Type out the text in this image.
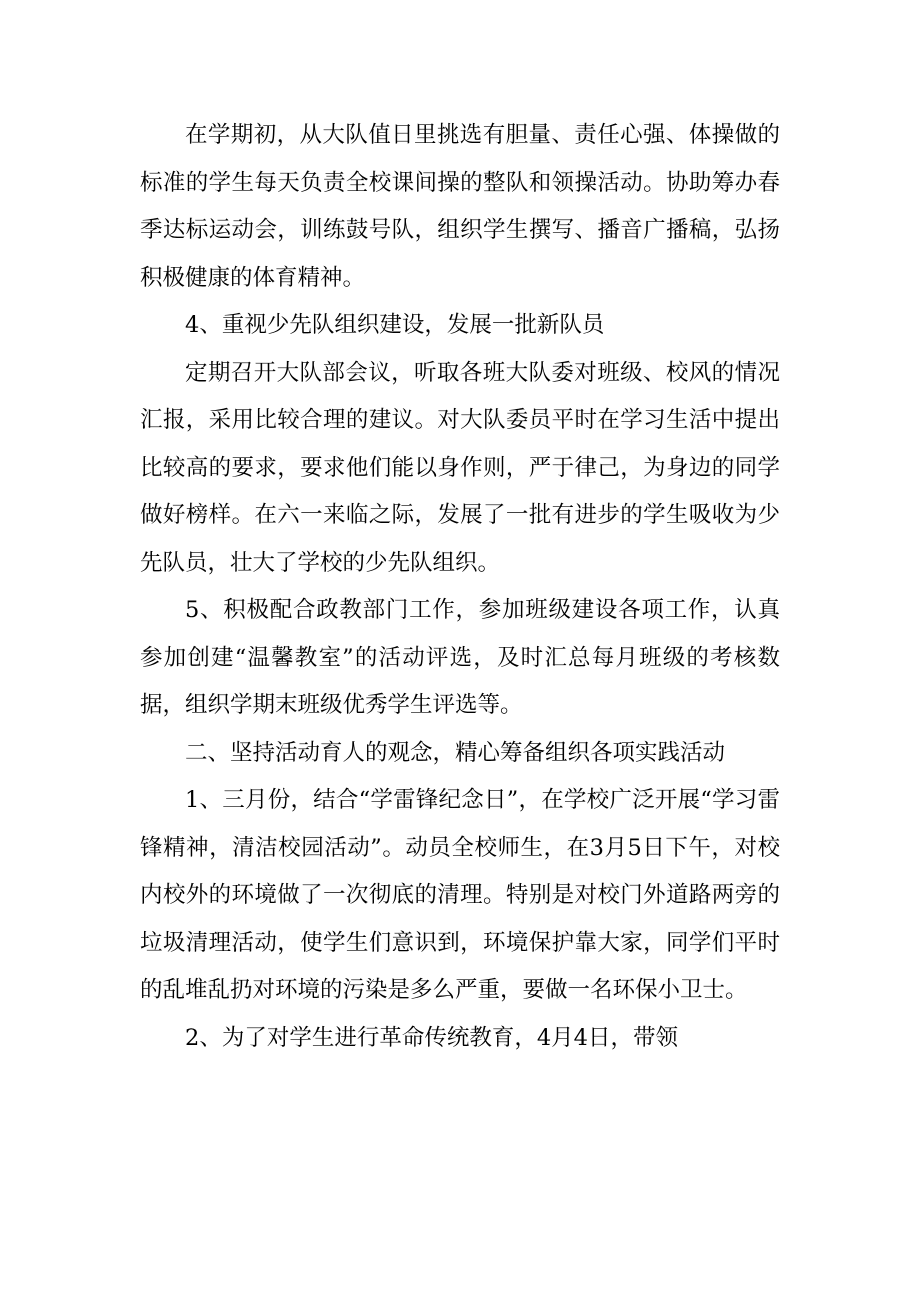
在学期初，从大队值日里挑选有胆量、责任心强、体操做的标准的学生每天负责全校课间操的整队和领操活动。协助筹办春季达标运动会，训练鼓号队，组织学生撰写、播音广播稿，弘扬积极健康的体育精神。

4、重视少先队组织建设，发展一批新队员

定期召开大队部会议，听取各班大队委对班级、校风的情况汇报，采用比较合理的建议。对大队委员平时在学习生活中提出比较高的要求，要求他们能以身作则，严于律己，为身边的同学做好榜样。在六一来临之际，发展了一批有进步的学生吸收为少先队员，壮大了学校的少先队组织。

5、积极配合政教部门工作，参加班级建设各项工作，认真参加创建“温馨教室”的活动评选，及时汇总每月班级的考核数据，组织学期末班级优秀学生评选等。

二、坚持活动育人的观念，精心筹备组织各项实践活动

1、三月份，结合“学雷锋纪念日”，在学校广泛开展“学习雷锋精神，清洁校园活动”。动员全校师生，在3月5日下午，对校内校外的环境做了一次彻底的清理。特别是对校门外道路两旁的垃圾清理活动，使学生们意识到，环境保护靠大家，同学们平时的乱堆乱扔对环境的污染是多么严重，要做一名环保小卫士。

2、为了对学生进行革命传统教育，4月4日，带领
